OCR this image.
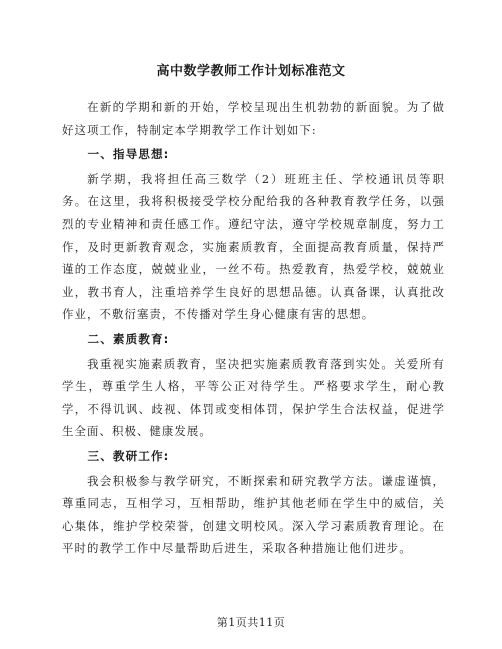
高中数学教师工作计划标准范文

在新的学期和新的开始，学校呈现出生机勃勃的新面貌。为了做好这项工作，特制定本学期教学工作计划如下:

一、指导思想:

新学期，我将担任高三数学（2）班班主任、学校通讯员等职务。在这里，我将积极接受学校分配给我的各种教育教学任务，以强烈的专业精神和责任感工作。遵纪守法，遵守学校规章制度，努力工作，及时更新教育观念，实施素质教育，全面提高教育质量，保持严谨的工作态度，兢兢业业，一丝不苟。热爱教育，热爱学校，兢兢业业，教书育人，注重培养学生良好的思想品德。认真备课，认真批改作业，不敷衍塞责，不传播对学生身心健康有害的思想。

二、素质教育:

我重视实施素质教育，坚决把实施素质教育落到实处。关爱所有学生，尊重学生人格，平等公正对待学生。严格要求学生，耐心教学，不得讥讽、歧视、体罚或变相体罚，保护学生合法权益，促进学生全面、积极、健康发展。

三、教研工作:

我会积极参与教学研究，不断探索和研究教学方法。谦虚谨慎，尊重同志，互相学习，互相帮助，维护其他老师在学生中的威信，关心集体，维护学校荣誉，创建文明校风。深入学习素质教育理论。在平时的教学工作中尽量帮助后进生，采取各种措施让他们进步。

第1页共11页
